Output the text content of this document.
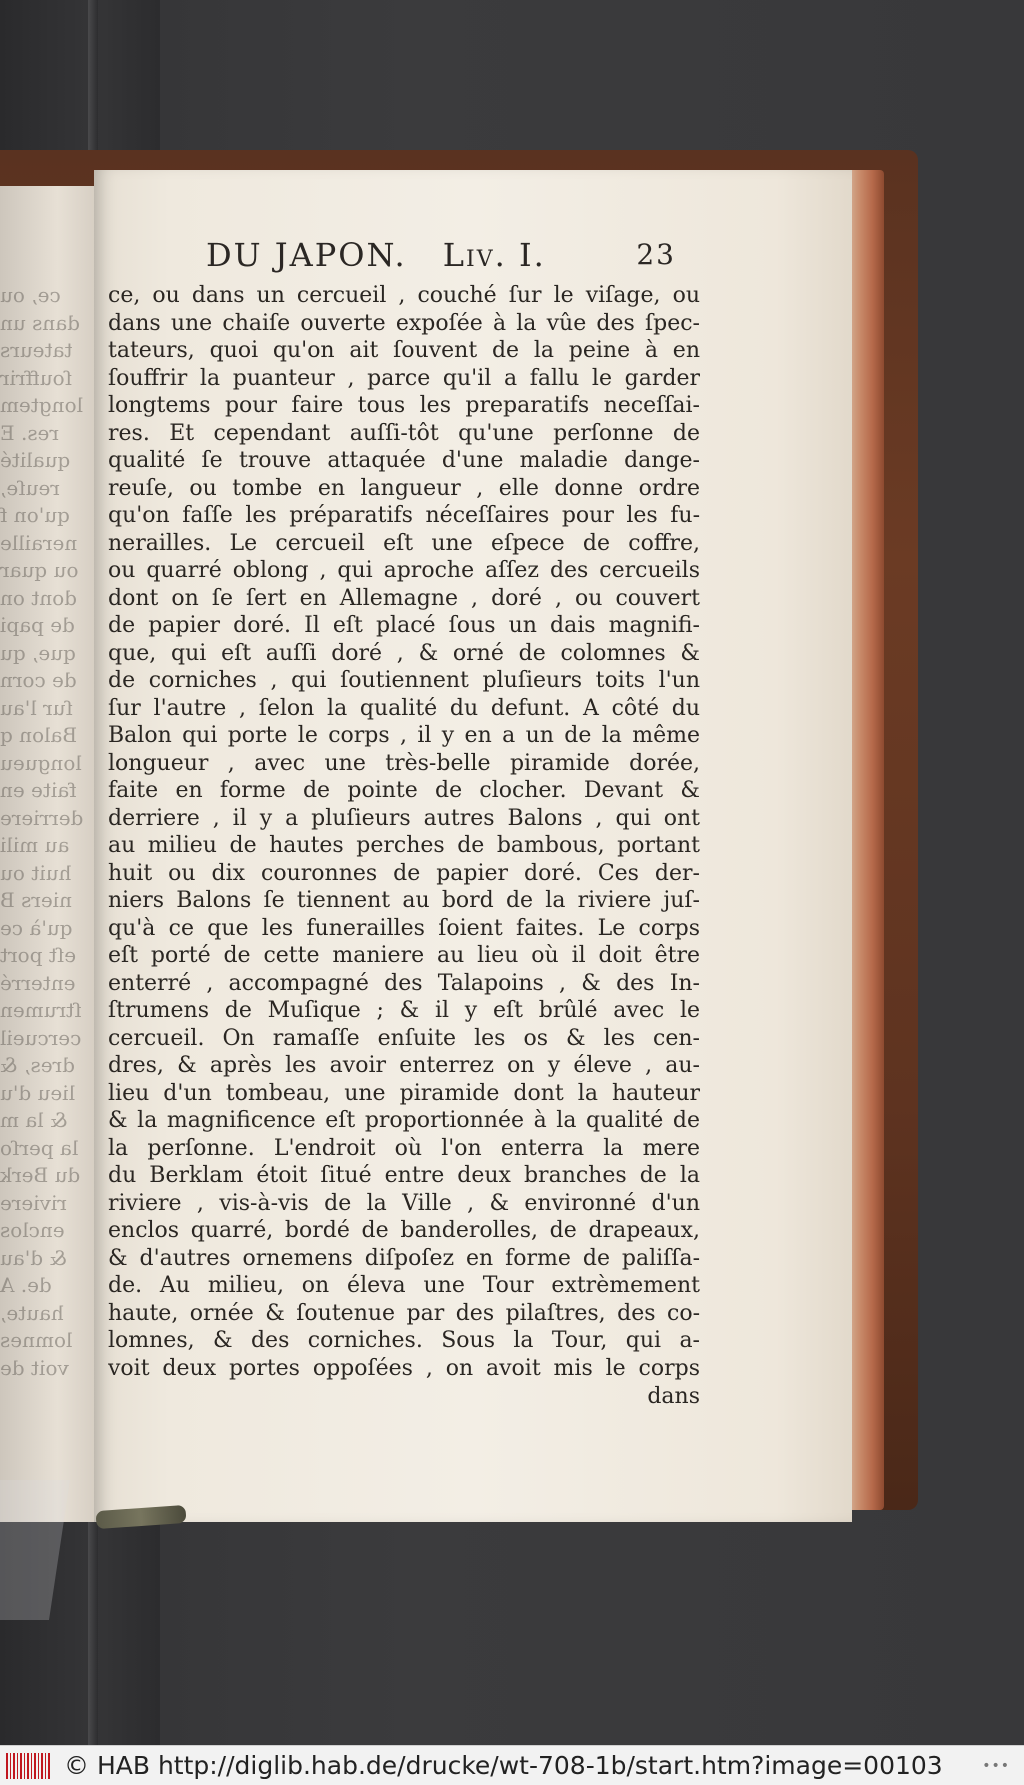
ce, ou
dans un
tateurs
ſouffrir
longtem
res. E
qualité
reuſe,
qu'on f
neraille
ou quar
dont on
de papi
que, qu
de corn
ſur l'au
Balon q
longueu
faite en
derriere
au mili
huit ou
niers B
qu'à ce
eſt port
enterré
ſtrumen
cercueil
dres, &
lieu d'u
& la m
la perſo
du Berk
riviere
enclos
& d'au
de. A
haute,
lomnes
voit de
DU JAPON. Liv. I.	23
ce, ou dans un cercueil , couché ſur le viſage, ou
dans une chaiſe ouverte expoſée à la vûe des ſpec-
tateurs, quoi qu'on ait ſouvent de la peine à en
ſouffrir la puanteur , parce qu'il a fallu le garder
longtems pour faire tous les preparatifs neceſſai-
res. Et cependant auſſi-tôt qu'une perſonne de
qualité ſe trouve attaquée d'une maladie dange-
reuſe, ou tombe en langueur , elle donne ordre
qu'on faſſe les préparatifs néceſſaires pour les fu-
nerailles. Le cercueil eſt une eſpece de coffre,
ou quarré oblong , qui aproche aſſez des cercueils
dont on ſe ſert en Allemagne , doré , ou couvert
de papier doré. Il eſt placé ſous un dais magnifi-
que, qui eſt auſſi doré , & orné de colomnes &
de corniches , qui ſoutiennent pluſieurs toits l'un
ſur l'autre , ſelon la qualité du defunt. A côté du
Balon qui porte le corps , il y en a un de la même
longueur , avec une très-belle piramide dorée,
faite en forme de pointe de clocher. Devant &
derriere , il y a pluſieurs autres Balons , qui ont
au milieu de hautes perches de bambous, portant
huit ou dix couronnes de papier doré. Ces der-
niers Balons ſe tiennent au bord de la riviere juſ-
qu'à ce que les funerailles ſoient faites. Le corps
eſt porté de cette maniere au lieu où il doit être
enterré , accompagné des Talapoins , & des In-
ſtrumens de Muſique ; & il y eſt brûlé avec le
cercueil. On ramaſſe enſuite les os & les cen-
dres, & après les avoir enterrez on y éleve , au-
lieu d'un tombeau, une piramide dont la hauteur
& la magnificence eſt proportionnée à la qualité de
la perſonne. L'endroit où l'on enterra la mere
du Berklam étoit ſitué entre deux branches de la
riviere , vis-à-vis de la Ville , & environné d'un
enclos quarré, bordé de banderolles, de drapeaux,
& d'autres ornemens diſpoſez en forme de paliſſa-
de. Au milieu, on éleva une Tour extrèmement
haute, ornée & ſoutenue par des pilaſtres, des co-
lomnes, & des corniches. Sous la Tour, qui a-
voit deux portes oppoſées , on avoit mis le corps
dans
© HAB http://diglib.hab.de/drucke/wt-708-1b/start.htm?image=00103	•••
